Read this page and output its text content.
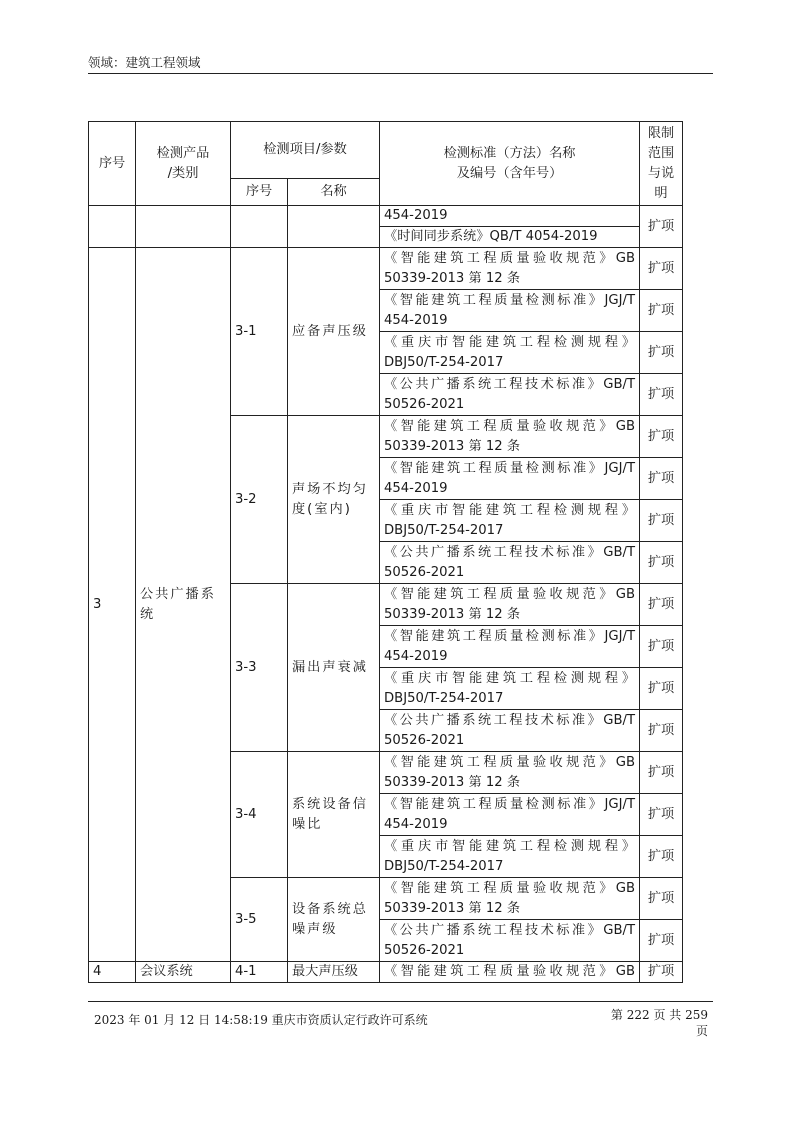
领域：建筑工程领域
序号	检测产品
/类别	检测项目/参数		检测标准（方法）名称
及编号（含年号）	限制范围
与说明
		序号	名称		
				454-2019	扩项
				《时间同步系统》QB/T 4054-2019	
3	公共广播系统	3-1	应备声压级	《智能建筑工程质量验收规范》GB
50339-2013 第 12 条	扩项
				《智能建筑工程质量检测标准》JGJ/T
454-2019	扩项
				《重庆市智能建筑工程检测规程》
DBJ50/T-254-2017	扩项
				《公共广播系统工程技术标准》GB/T
50526-2021	扩项
		3-2	声场不均匀度(室内)	《智能建筑工程质量验收规范》GB
50339-2013 第 12 条	扩项
				《智能建筑工程质量检测标准》JGJ/T
454-2019	扩项
				《重庆市智能建筑工程检测规程》
DBJ50/T-254-2017	扩项
				《公共广播系统工程技术标准》GB/T
50526-2021	扩项
		3-3	漏出声衰减	《智能建筑工程质量验收规范》GB
50339-2013 第 12 条	扩项
				《智能建筑工程质量检测标准》JGJ/T
454-2019	扩项
				《重庆市智能建筑工程检测规程》
DBJ50/T-254-2017	扩项
				《公共广播系统工程技术标准》GB/T
50526-2021	扩项
		3-4	系统设备信噪比	《智能建筑工程质量验收规范》GB
50339-2013 第 12 条	扩项
				《智能建筑工程质量检测标准》JGJ/T
454-2019	扩项
				《重庆市智能建筑工程检测规程》
DBJ50/T-254-2017	扩项
		3-5	设备系统总噪声级	《智能建筑工程质量验收规范》GB
50339-2013 第 12 条	扩项
				《公共广播系统工程技术标准》GB/T
50526-2021	扩项
4	会议系统	4-1	最大声压级	《智能建筑工程质量验收规范》GB	扩项
2023 年 01 月 12 日 14:58:19 重庆市资质认定行政许可系统	第 222 页 共 259
页
